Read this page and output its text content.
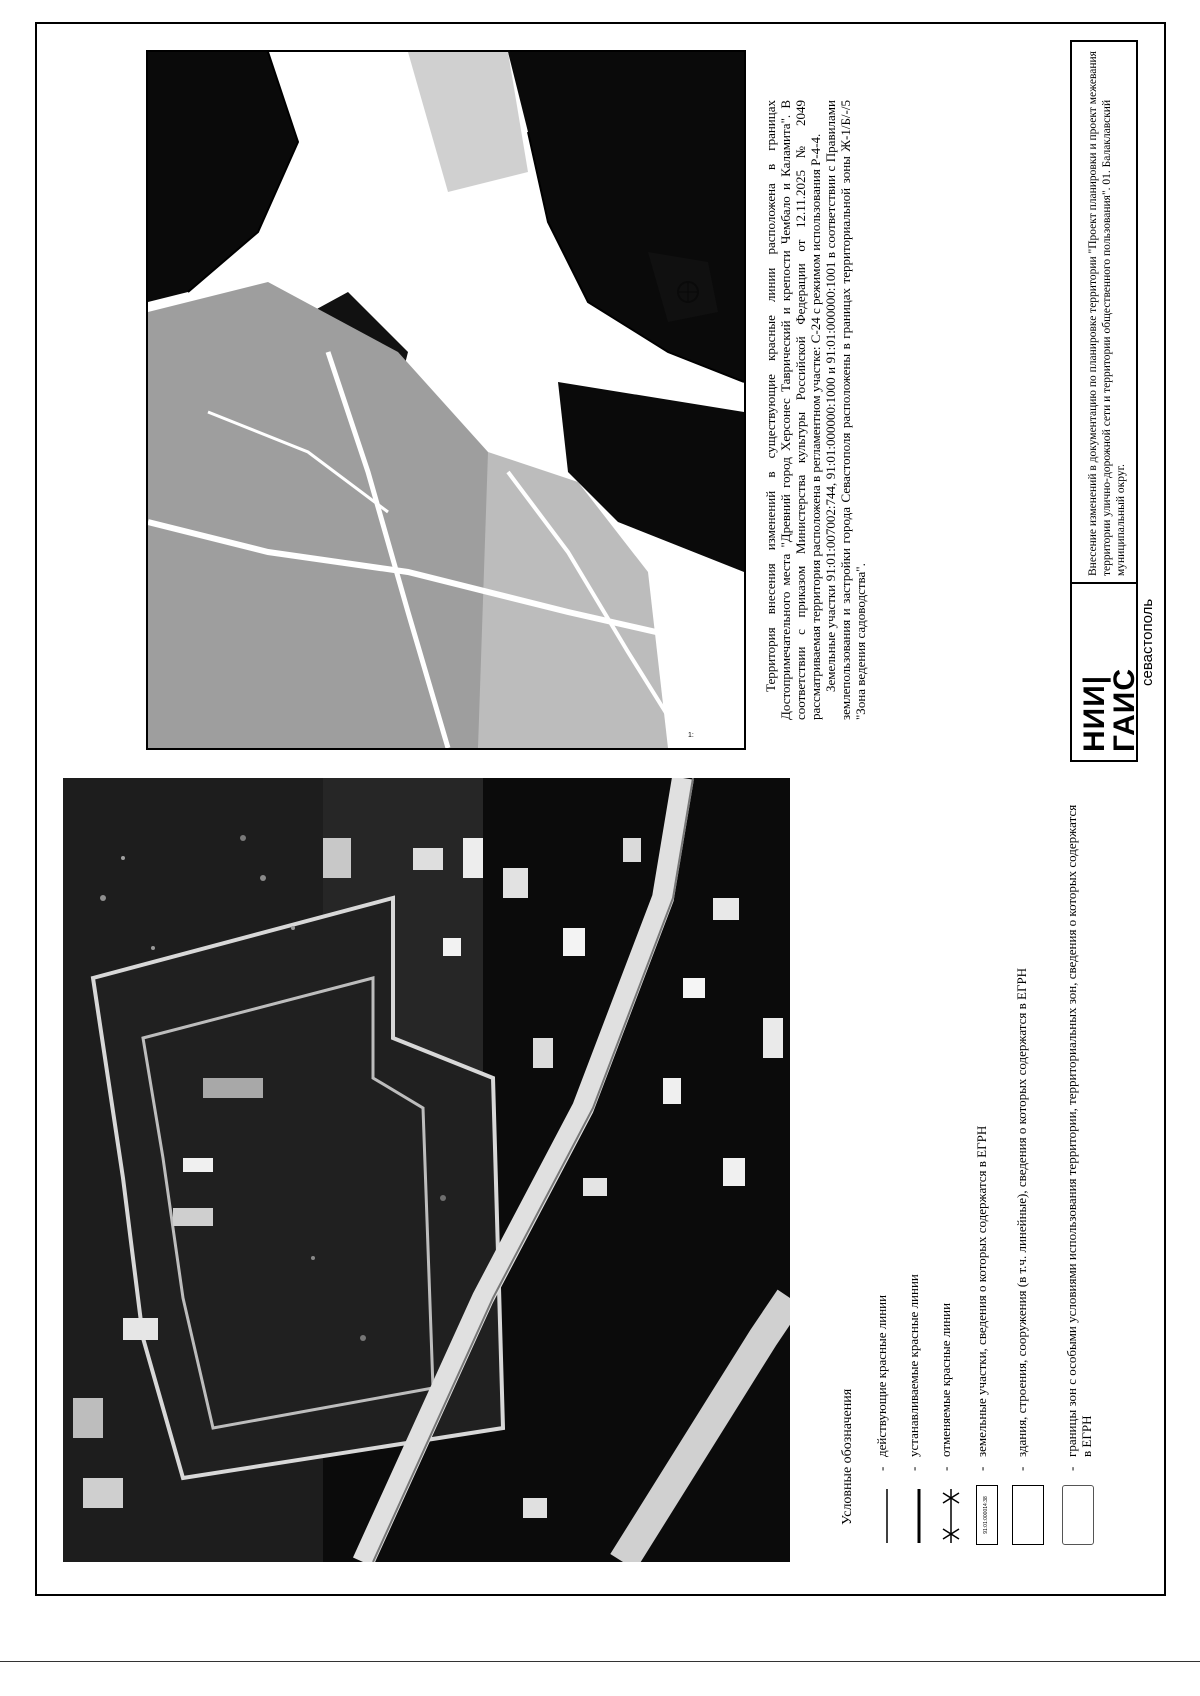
1:
Условные обозначения -
действующие красные линии
-
устанавливаемые красные линии
-
отменяемые красные линии
91:01:000014:38
-
земельные участки, сведения о которых содержатся в ЕГРН
-
здания, строения, сооружения (в т.ч. линейные), сведения о которых содержатся в ЕГРН
-
границы зон с особыми условиями использования территории, территориальных зон, сведения о которых содержатся в ЕГРН

Территория внесения изменений в существующие красные линии расположена в границах Достопримечательного места "Древний город Херсонес Таврический и крепости Чембало и Каламита". В соответствии с приказом Министерства культуры Российской Федерации от 12.11.2025 № 2049 рассматриваемая территория расположена в регламентном участке: С-24 с режимом использования Р-4-4. Земельные участки 91:01:007002:744, 91:01:000000:1000 и 91:01:000000:1001 в соответствии с Правилами землепользования и застройки города Севастополя расположены в границах территориальной зоны Ж-1/Б/-/5 "Зона ведения садоводства".	НИИ|ГАИС
севастополь
Внесение изменений в документацию по планировке территории "Проект планировки и проект межевания территории улично-дорожной сети и территории общественного пользования". 01. Балаклавский муниципальный округ.
